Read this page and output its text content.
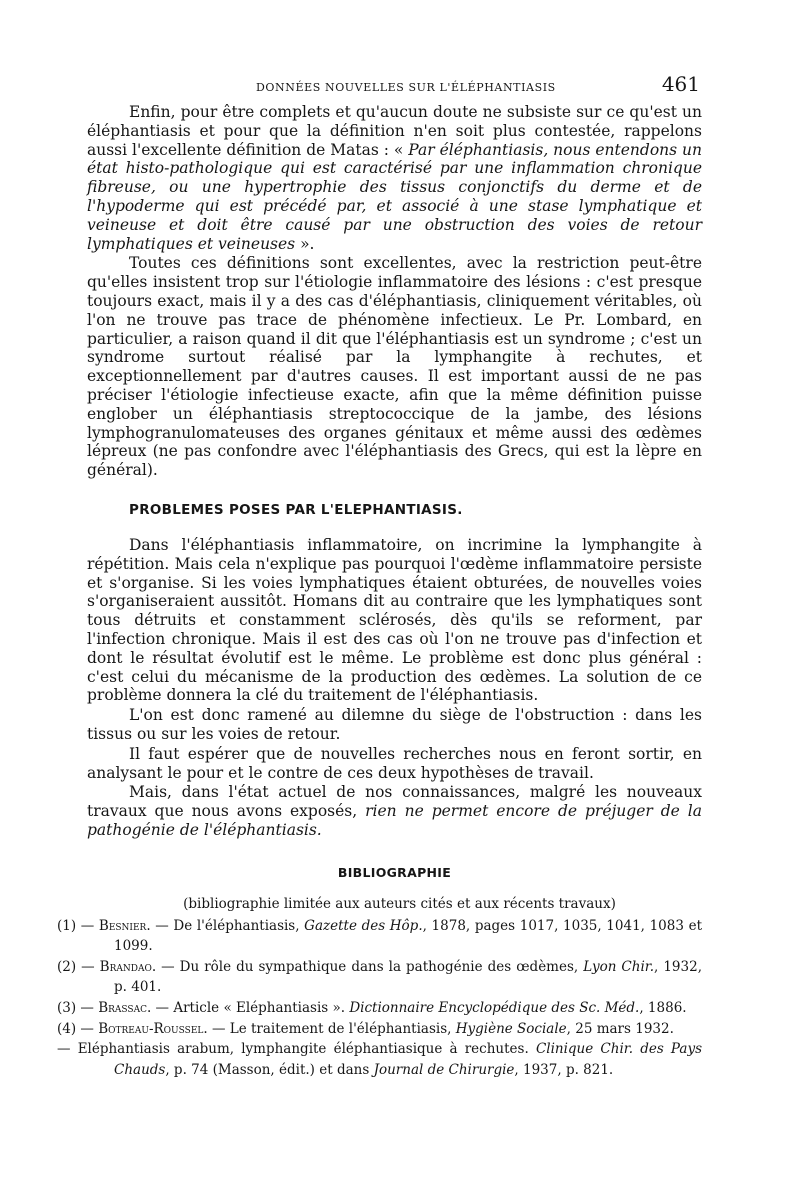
DONNÉES NOUVELLES SUR L'ÉLÉPHANTIASIS	461

Enfin, pour être complets et qu'aucun doute ne subsiste sur ce qu'est un éléphantiasis et pour que la définition n'en soit plus contestée, rappelons aussi l'excellente définition de Matas : « Par éléphantiasis, nous entendons un état histo-pathologique qui est caractérisé par une inflammation chronique fibreuse, ou une hypertrophie des tissus conjonctifs du derme et de l'hypoderme qui est précédé par, et associé à une stase lymphatique et veineuse et doit être causé par une obstruction des voies de retour lymphatiques et veineuses ».

Toutes ces définitions sont excellentes, avec la restriction peut-être qu'elles insistent trop sur l'étiologie inflammatoire des lésions : c'est presque toujours exact, mais il y a des cas d'éléphantiasis, cliniquement véritables, où l'on ne trouve pas trace de phénomène infectieux. Le Pr. Lombard, en particulier, a raison quand il dit que l'éléphantiasis est un syndrome ; c'est un syndrome surtout réalisé par la lymphangite à rechutes, et exceptionnellement par d'autres causes. Il est important aussi de ne pas préciser l'étiologie infectieuse exacte, afin que la même définition puisse englober un éléphantiasis streptococcique de la jambe, des lésions lymphogranulomateuses des organes génitaux et même aussi des œdèmes lépreux (ne pas confondre avec l'éléphantiasis des Grecs, qui est la lèpre en général).

PROBLEMES POSES PAR L'ELEPHANTIASIS.

Dans l'éléphantiasis inflammatoire, on incrimine la lymphangite à répétition. Mais cela n'explique pas pourquoi l'œdème inflammatoire persiste et s'organise. Si les voies lymphatiques étaient obturées, de nouvelles voies s'organiseraient aussitôt. Homans dit au contraire que les lymphatiques sont tous détruits et constamment sclérosés, dès qu'ils se reforment, par l'infection chronique. Mais il est des cas où l'on ne trouve pas d'infection et dont le résultat évolutif est le même. Le problème est donc plus général : c'est celui du mécanisme de la production des œdèmes. La solution de ce problème donnera la clé du traitement de l'éléphantiasis.

L'on est donc ramené au dilemne du siège de l'obstruction : dans les tissus ou sur les voies de retour.

Il faut espérer que de nouvelles recherches nous en feront sortir, en analysant le pour et le contre de ces deux hypothèses de travail.

Mais, dans l'état actuel de nos connaissances, malgré les nouveaux travaux que nous avons exposés, rien ne permet encore de préjuger de la pathogénie de l'éléphantiasis.

BIBLIOGRAPHIE
(bibliographie limitée aux auteurs cités et aux récents travaux)
(1) — Besnier. — De l'éléphantiasis, Gazette des Hôp., 1878, pages 1017, 1035, 1041, 1083 et 1099.
(2) — Brandao. — Du rôle du sympathique dans la pathogénie des œdèmes, Lyon Chir., 1932, p. 401.
(3) — Brassac. — Article « Eléphantiasis ». Dictionnaire Encyclopédique des Sc. Méd., 1886.
(4) — Botreau-Roussel. — Le traitement de l'éléphantiasis, Hygiène Sociale, 25 mars 1932.
— Eléphantiasis arabum, lymphangite éléphantiasique à rechutes. Clinique Chir. des Pays Chauds, p. 74 (Masson, édit.) et dans Journal de Chirurgie, 1937, p. 821.
